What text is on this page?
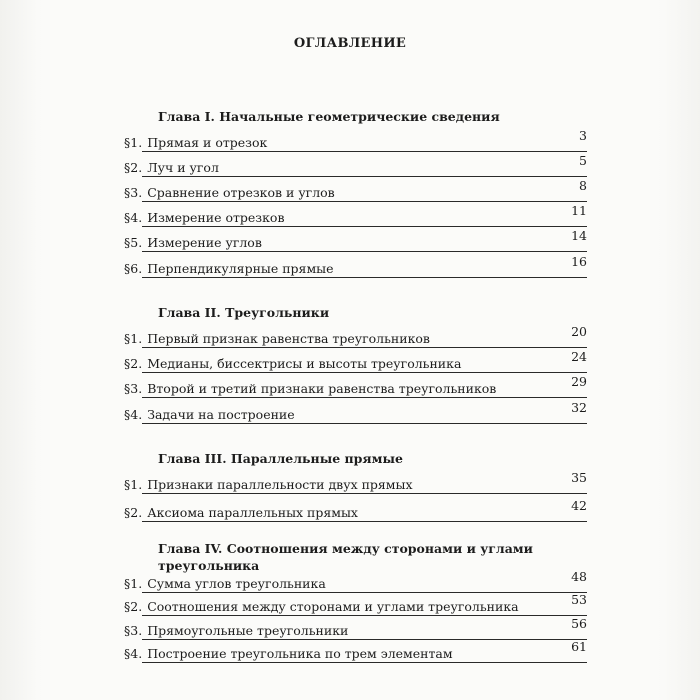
ОГЛАВЛЕНИЕ
Глава I. Начальные геометрические сведения
§1. Прямая и отрезок	3
§2. Луч и угол	5
§3. Сравнение отрезков и углов	8
§4. Измерение отрезков	11
§5. Измерение углов	14
§6. Перпендикулярные прямые	16
Глава II. Треугольники
§1. Первый признак равенства треугольников	20
§2. Медианы, биссектрисы и высоты треугольника	24
§3. Второй и третий признаки равенства треугольников	29
§4. Задачи на построение	32
Глава III. Параллельные прямые
§1. Признаки параллельности двух прямых	35
§2. Аксиома параллельных прямых	42
Глава IV. Соотношения между сторонами и углами треугольника
§1. Сумма углов треугольника	48
§2. Соотношения между сторонами и углами треугольника	53
§3. Прямоугольные треугольники	56
§4. Построение треугольника по трем элементам	61
